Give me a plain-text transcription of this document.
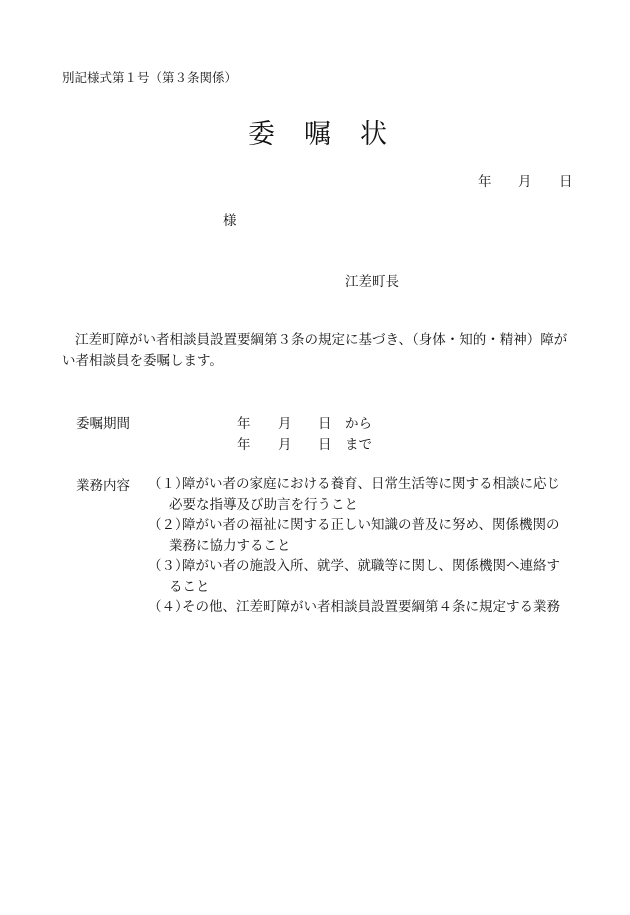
別記様式第１号（第３条関係）
委 嘱 状
年 月 日
様
江差町長
江差町障がい者相談員設置要綱第３条の規定に基づき、（身体・知的・精神）障が
い者相談員を委嘱します。
委嘱期間	年 月 日 から
年 月 日 まで
業務内容 （１）障がい者の家庭における養育、日常生活等に関する相談に応じ
必要な指導及び助言を行うこと
（２）障がい者の福祉に関する正しい知識の普及に努め、関係機関の
業務に協力すること
（３）障がい者の施設入所、就学、就職等に関し、関係機関へ連絡す
ること
（４）その他、江差町障がい者相談員設置要綱第４条に規定する業務
